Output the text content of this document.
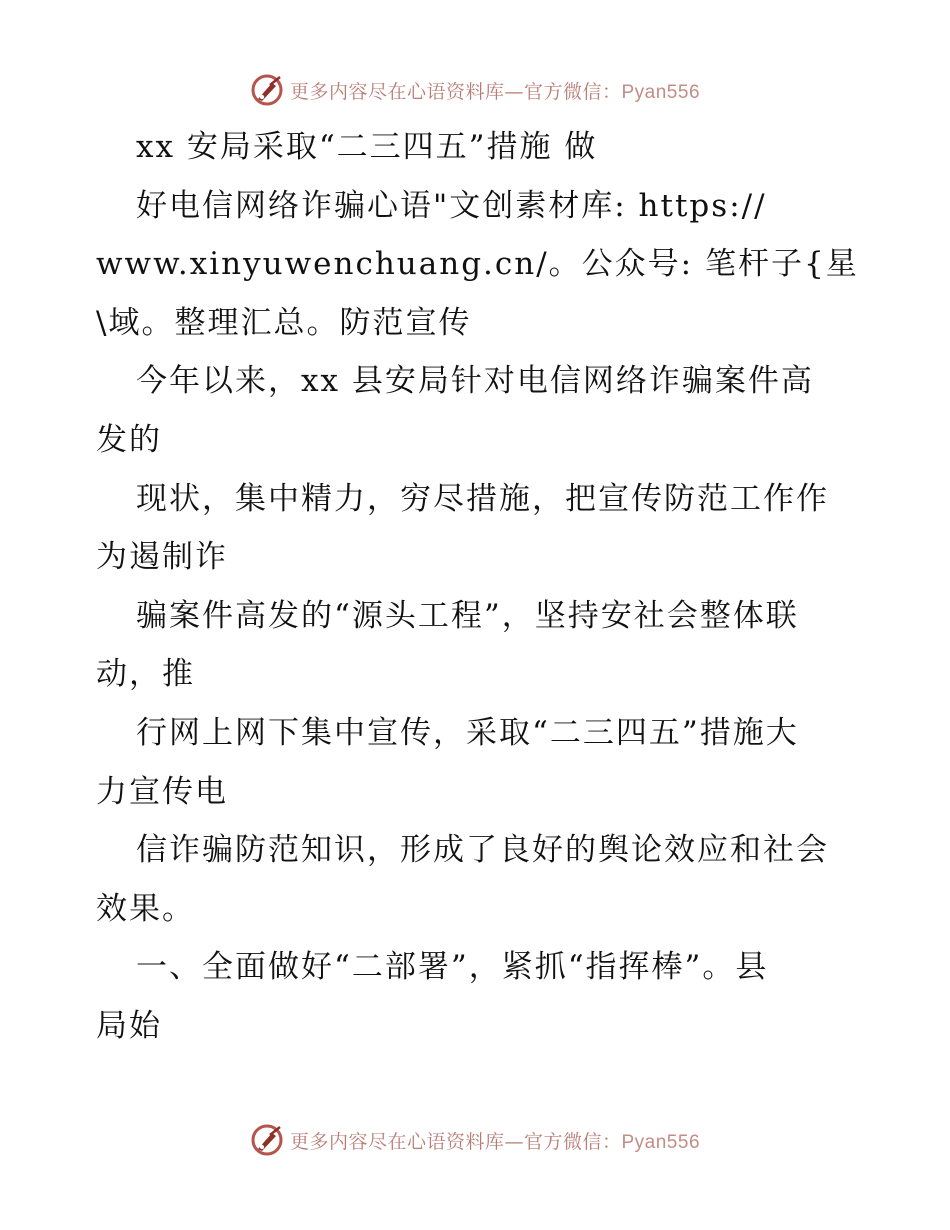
更多内容尽在心语资料库—官方微信：Pyan556
xx 安局采取“二三四五”措施 做
好电信网络诈骗心语"文创素材库: https://
www.xinyuwenchuang.cn/。公众号: 笔杆子{星
\域。整理汇总。防范宣传
今年以来，xx 县安局针对电信网络诈骗案件高
发的
现状，集中精力，穷尽措施，把宣传防范工作作
为遏制诈
骗案件高发的“源头工程”，坚持安社会整体联
动，推
行网上网下集中宣传，采取“二三四五”措施大
力宣传电
信诈骗防范知识，形成了良好的舆论效应和社会
效果。
一、全面做好“二部署”，紧抓“指挥棒”。县
局始
更多内容尽在心语资料库—官方微信：Pyan556
